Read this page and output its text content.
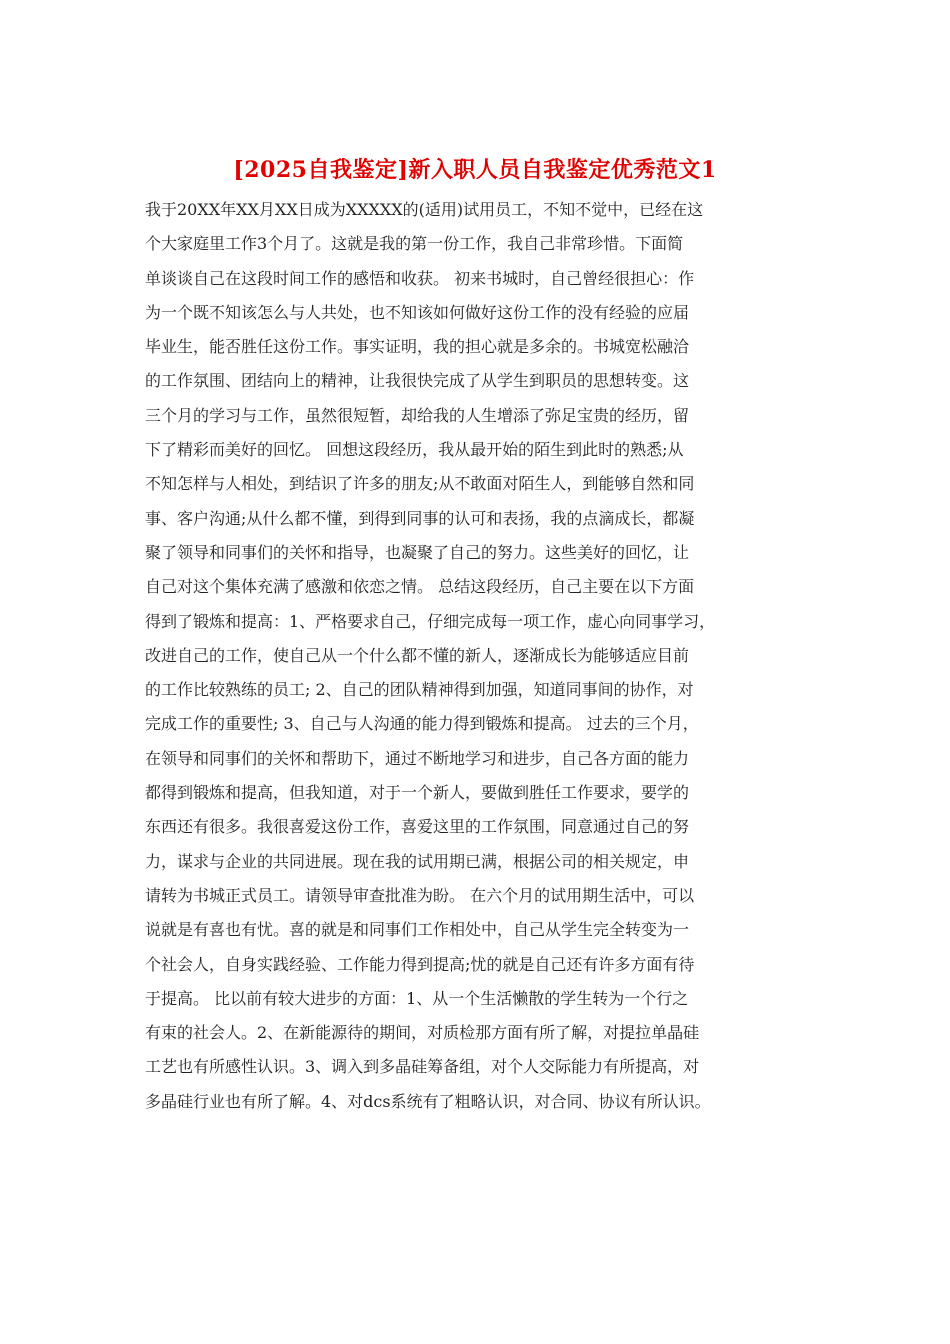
[2025自我鉴定]新入职人员自我鉴定优秀范文1
我于20XX年XX月XX日成为XXXXX的(适用)试用员工，不知不觉中，已经在这
个大家庭里工作3个月了。这就是我的第一份工作，我自己非常珍惜。下面简
单谈谈自己在这段时间工作的感悟和收获。 初来书城时，自己曾经很担心：作
为一个既不知该怎么与人共处，也不知该如何做好这份工作的没有经验的应届
毕业生，能否胜任这份工作。事实证明，我的担心就是多余的。书城宽松融洽
的工作氛围、团结向上的精神，让我很快完成了从学生到职员的思想转变。这
三个月的学习与工作，虽然很短暂，却给我的人生增添了弥足宝贵的经历，留
下了精彩而美好的回忆。 回想这段经历，我从最开始的陌生到此时的熟悉;从
不知怎样与人相处，到结识了许多的朋友;从不敢面对陌生人，到能够自然和同
事、客户沟通;从什么都不懂，到得到同事的认可和表扬，我的点滴成长，都凝
聚了领导和同事们的关怀和指导，也凝聚了自己的努力。这些美好的回忆，让
自己对这个集体充满了感激和依恋之情。 总结这段经历，自己主要在以下方面
得到了锻炼和提高：1、严格要求自己，仔细完成每一项工作，虚心向同事学习，
改进自己的工作，使自己从一个什么都不懂的新人，逐渐成长为能够适应目前
的工作比较熟练的员工; 2、自己的团队精神得到加强，知道同事间的协作，对
完成工作的重要性; 3、自己与人沟通的能力得到锻炼和提高。 过去的三个月，
在领导和同事们的关怀和帮助下，通过不断地学习和进步，自己各方面的能力
都得到锻炼和提高，但我知道，对于一个新人，要做到胜任工作要求，要学的
东西还有很多。我很喜爱这份工作，喜爱这里的工作氛围，同意通过自己的努
力，谋求与企业的共同进展。现在我的试用期已满，根据公司的相关规定，申
请转为书城正式员工。请领导审查批准为盼。 在六个月的试用期生活中，可以
说就是有喜也有忧。喜的就是和同事们工作相处中，自己从学生完全转变为一
个社会人，自身实践经验、工作能力得到提高;忧的就是自己还有许多方面有待
于提高。 比以前有较大进步的方面：1、从一个生活懒散的学生转为一个行之
有束的社会人。2、在新能源待的期间，对质检那方面有所了解，对提拉单晶硅
工艺也有所感性认识。3、调入到多晶硅筹备组，对个人交际能力有所提高，对
多晶硅行业也有所了解。4、对dcs系统有了粗略认识，对合同、协议有所认识。
